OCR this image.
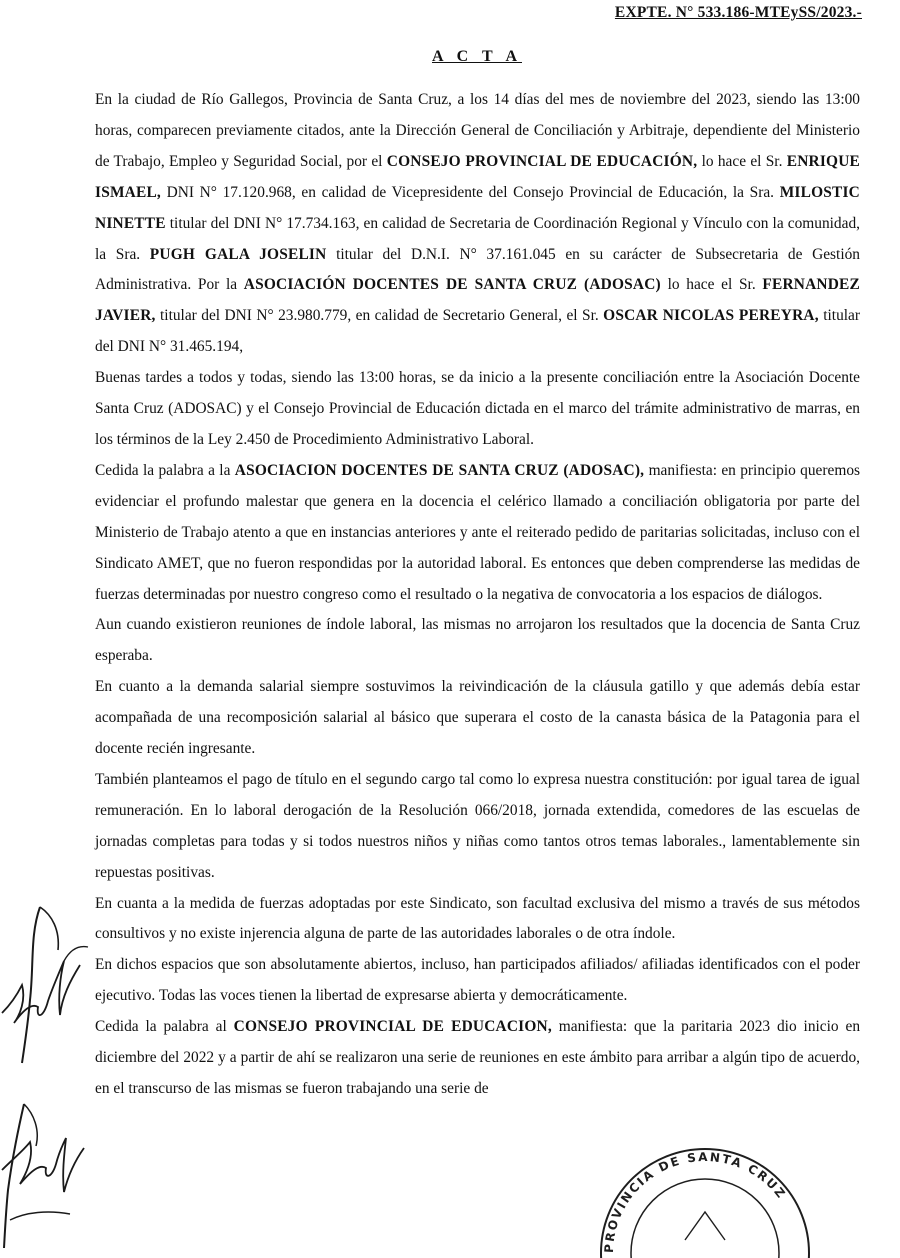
EXPTE. N° 533.186-MTEySS/2023.-
A C T A

En la ciudad de Río Gallegos, Provincia de Santa Cruz, a los 14 días del mes de noviembre del 2023, siendo las 13:00 horas, comparecen previamente citados, ante la Dirección General de Conciliación y Arbitraje, dependiente del Ministerio de Trabajo, Empleo y Seguridad Social, por el CONSEJO PROVINCIAL DE EDUCACIÓN, lo hace el Sr. ENRIQUE ISMAEL, DNI N° 17.120.968, en calidad de Vicepresidente del Consejo Provincial de Educación, la Sra. MILOSTIC NINETTE titular del DNI N° 17.734.163, en calidad de Secretaria de Coordinación Regional y Vínculo con la comunidad, la Sra. PUGH GALA JOSELIN titular del D.N.I. N° 37.161.045 en su carácter de Subsecretaria de Gestión Administrativa. Por la ASOCIACIÓN DOCENTES DE SANTA CRUZ (ADOSAC) lo hace el Sr. FERNANDEZ JAVIER, titular del DNI N° 23.980.779, en calidad de Secretario General, el Sr. OSCAR NICOLAS PEREYRA, titular del DNI N° 31.465.194,

Buenas tardes a todos y todas, siendo las 13:00 horas, se da inicio a la presente conciliación entre la Asociación Docente Santa Cruz (ADOSAC) y el Consejo Provincial de Educación dictada en el marco del trámite administrativo de marras, en los términos de la Ley 2.450 de Procedimiento Administrativo Laboral.

Cedida la palabra a la ASOCIACION DOCENTES DE SANTA CRUZ (ADOSAC), manifiesta: en principio queremos evidenciar el profundo malestar que genera en la docencia el celérico llamado a conciliación obligatoria por parte del Ministerio de Trabajo atento a que en instancias anteriores y ante el reiterado pedido de paritarias solicitadas, incluso con el Sindicato AMET, que no fueron respondidas por la autoridad laboral. Es entonces que deben comprenderse las medidas de fuerzas determinadas por nuestro congreso como el resultado o la negativa de convocatoria a los espacios de diálogos.

Aun cuando existieron reuniones de índole laboral, las mismas no arrojaron los resultados que la docencia de Santa Cruz esperaba.

En cuanto a la demanda salarial siempre sostuvimos la reivindicación de la cláusula gatillo y que además debía estar acompañada de una recomposición salarial al básico que superara el costo de la canasta básica de la Patagonia para el docente recién ingresante.

También planteamos el pago de título en el segundo cargo tal como lo expresa nuestra constitución: por igual tarea de igual remuneración. En lo laboral derogación de la Resolución 066/2018, jornada extendida, comedores de las escuelas de jornadas completas para todas y si todos nuestros niños y niñas como tantos otros temas laborales., lamentablemente sin repuestas positivas.

En cuanta a la medida de fuerzas adoptadas por este Sindicato, son facultad exclusiva del mismo a través de sus métodos consultivos y no existe injerencia alguna de parte de las autoridades laborales o de otra índole.

En dichos espacios que son absolutamente abiertos, incluso, han participados afiliados/ afiliadas identificados con el poder ejecutivo. Todas las voces tienen la libertad de expresarse abierta y democráticamente.

Cedida la palabra al CONSEJO PROVINCIAL DE EDUCACION, manifiesta: que la paritaria 2023 dio inicio en diciembre del 2022 y a partir de ahí se realizaron una serie de reuniones en este ámbito para arribar a algún tipo de acuerdo, en el transcurso de las mismas se fueron trabajando una serie de

PROVINCIA DE SANTA CRUZ
